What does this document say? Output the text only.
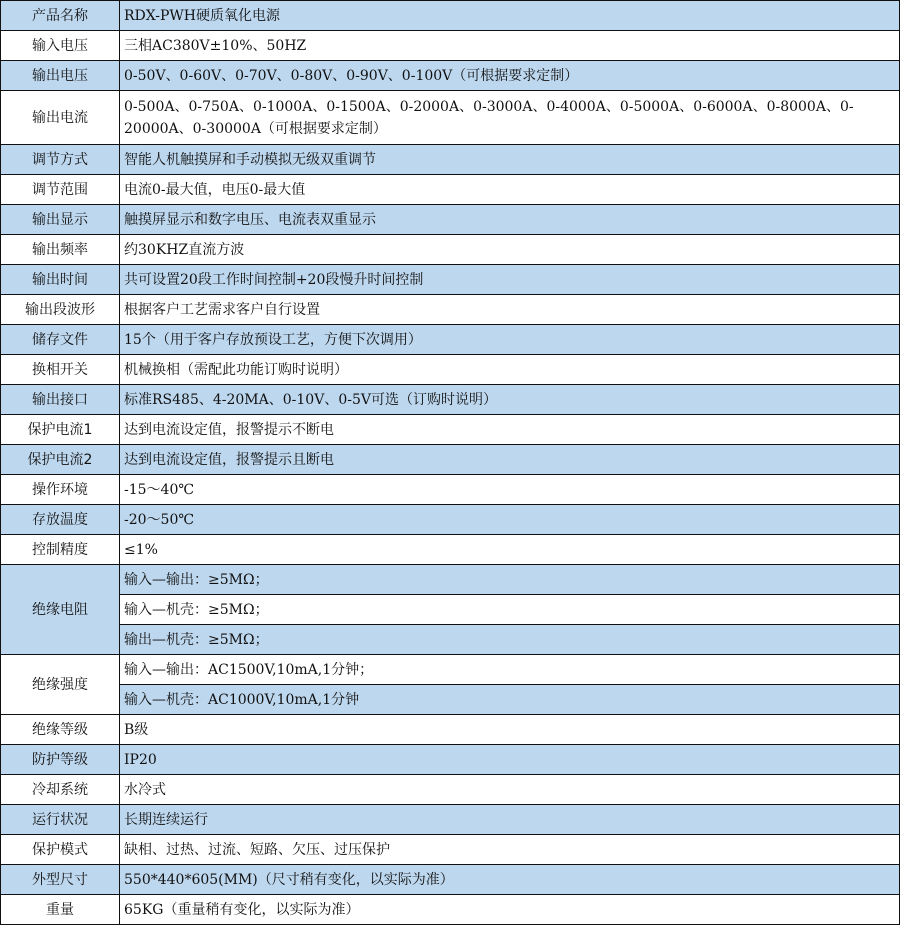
产品名称	RDX-PWH硬质氧化电源
输入电压	三相AC380V±10%、50HZ
输出电压	0-50V、0-60V、0-70V、0-80V、0-90V、0-100V（可根据要求定制）
输出电流	0-500A、0-750A、0-1000A、0-1500A、0-2000A、0-3000A、0-4000A、0-5000A、0-6000A、0-8000A、0-20000A、0-30000A（可根据要求定制）
调节方式	智能人机触摸屏和手动模拟无级双重调节
调节范围	电流0-最大值，电压0-最大值
输出显示	触摸屏显示和数字电压、电流表双重显示
输出频率	约30KHZ直流方波
输出时间	共可设置20段工作时间控制+20段慢升时间控制
输出段波形	根据客户工艺需求客户自行设置
储存文件	15个（用于客户存放预设工艺，方便下次调用）
换相开关	机械换相（需配此功能订购时说明）
输出接口	标准RS485、4-20MA、0-10V、0-5V可选（订购时说明）
保护电流1	达到电流设定值，报警提示不断电
保护电流2	达到电流设定值，报警提示且断电
操作环境	-15～40℃
存放温度	-20～50℃
控制精度	≤1%
绝缘电阻	输入—输出：≥5MΩ；
	输入—机壳：≥5MΩ；
	输出—机壳：≥5MΩ；
绝缘强度	输入—输出：AC1500V,10mA,1分钟；
	输入—机壳：AC1000V,10mA,1分钟
绝缘等级	B级
防护等级	IP20
冷却系统	水冷式
运行状况	长期连续运行
保护模式	缺相、过热、过流、短路、欠压、过压保护
外型尺寸	550*440*605(MM)（尺寸稍有变化，以实际为准）
重量	65KG（重量稍有变化，以实际为准）
